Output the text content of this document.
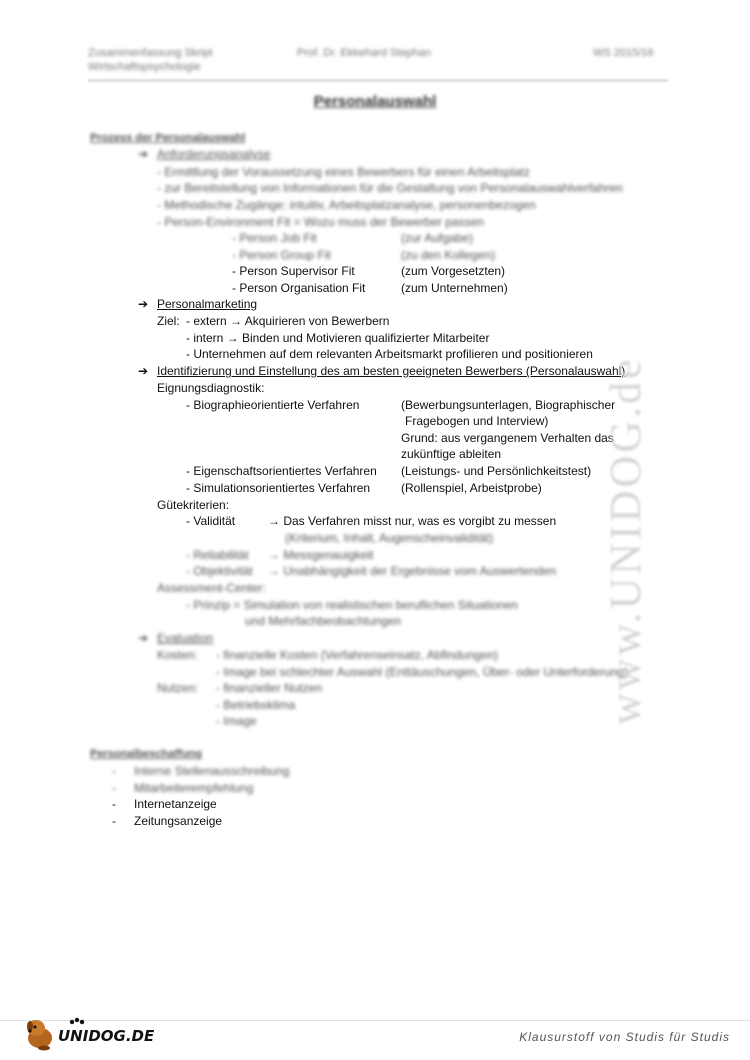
Zusammenfassung Skript
Wirtschaftspsychologie
Prof. Dr. Ekkehard Stephan	WS 2015/16
Personalauswahl
Prozess der Personalauswahl
➔ Anforderungsanalyse
- Ermittlung der Voraussetzung eines Bewerbers für einen Arbeitsplatz
- zur Bereitstellung von Informationen für die Gestaltung von Personalauswahlverfahren
- Methodische Zugänge: intuitiv, Arbeitsplatzanalyse, personenbezogen
- Person-Environment Fit = Wozu muss der Bewerber passen
- Person Job Fit	(zur Aufgabe)
- Person Group Fit	(zu den Kollegen)
- Person Supervisor Fit	(zum Vorgesetzten)
- Person Organisation Fit	(zum Unternehmen)
➔ Personalmarketing
Ziel: - extern → Akquirieren von Bewerbern
- intern → Binden und Motivieren qualifizierter Mitarbeiter
- Unternehmen auf dem relevanten Arbeitsmarkt profilieren und positionieren
➔ Identifizierung und Einstellung des am besten geeigneten Bewerbers (Personalauswahl)
Eignungsdiagnostik:
- Biographieorientierte Verfahren	(Bewerbungsunterlagen, Biographischer
Fragebogen und Interview)
Grund: aus vergangenem Verhalten das
zukünftige ableiten
- Eigenschaftsorientiertes Verfahren (Leistungs- und Persönlichkeitstest)
- Simulationsorientiertes Verfahren	(Rollenspiel, Arbeistprobe)
Gütekriterien:
- Validität	→ Das Verfahren misst nur, was es vorgibt zu messen
(Kriterium, Inhalt, Augenscheinvalidität)
- Reliabilität → Messgenauigkeit
- Objektivität → Unabhängigkeit der Ergebnisse vom Auswertenden
Assessment-Center:
- Prinzip = Simulation von realistischen beruflichen Situationen
und Mehrfachbeobachtungen
➔ Evaluation
Kosten: - finanzielle Kosten (Verfahrenseinsatz, Abfindungen)
- Image bei schlechter Auswahl (Enttäuschungen, Über- oder Unterforderung)
Nutzen: - finanzieller Nutzen
- Betriebsklima
- Image
Personalbeschaffung
- Interne Stellenausschreibung
- Mitarbeiterempfehlung
- Internetanzeige
- Zeitungsanzeige
www.UNIDOG.de
UNIDOG.DE	Klausurstoff von Studis für Studis
